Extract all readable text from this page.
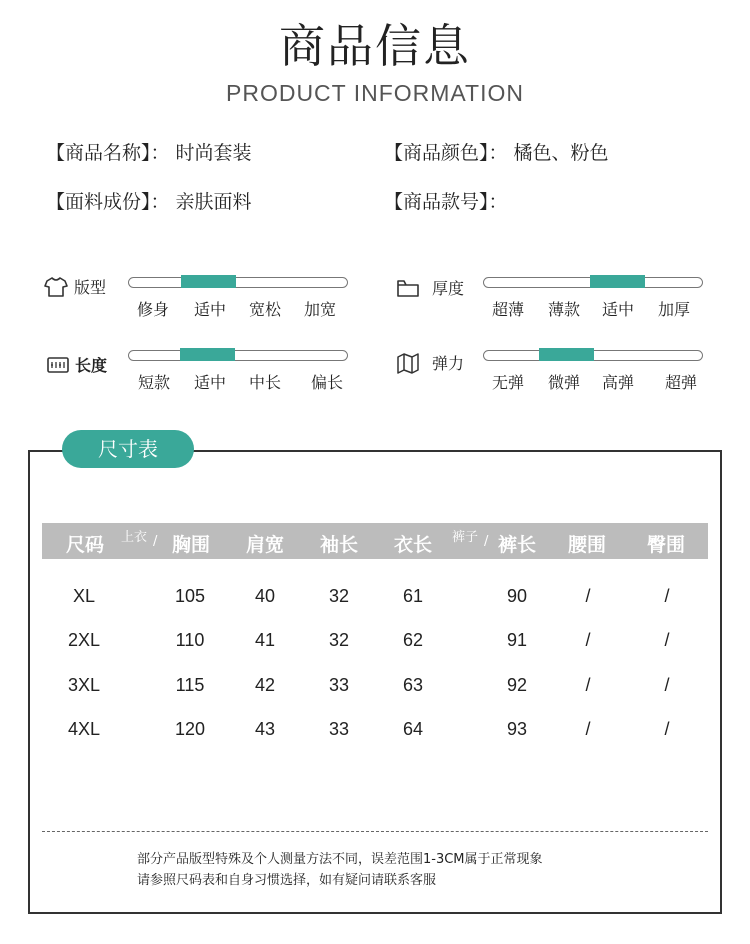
商品信息
PRODUCT INFORMATION
【商品名称】： 时尚套装	【商品颜色】： 橘色、粉色
【面料成份】： 亲肤面料	【商品款号】：
版型
修身	适中	宽松	加宽
厚度
超薄	薄款	适中	加厚
长度
短款	适中	中长	偏长
弹力
无弹	微弹	高弹	超弹
尺寸表
尺码	上衣 / 胸围	肩宽	袖长	衣长	裤子 / 裤长	腰围	臀围
XL	105	40	32	61	90	/	/
2XL	110	41	32	62	91	/	/
3XL	115	42	33	63	92	/	/
4XL	120	43	33	64	93	/	/
部分产品版型特殊及个人测量方法不同，误差范围1-3CM属于正常现象
请参照尺码表和自身习惯选择，如有疑问请联系客服
